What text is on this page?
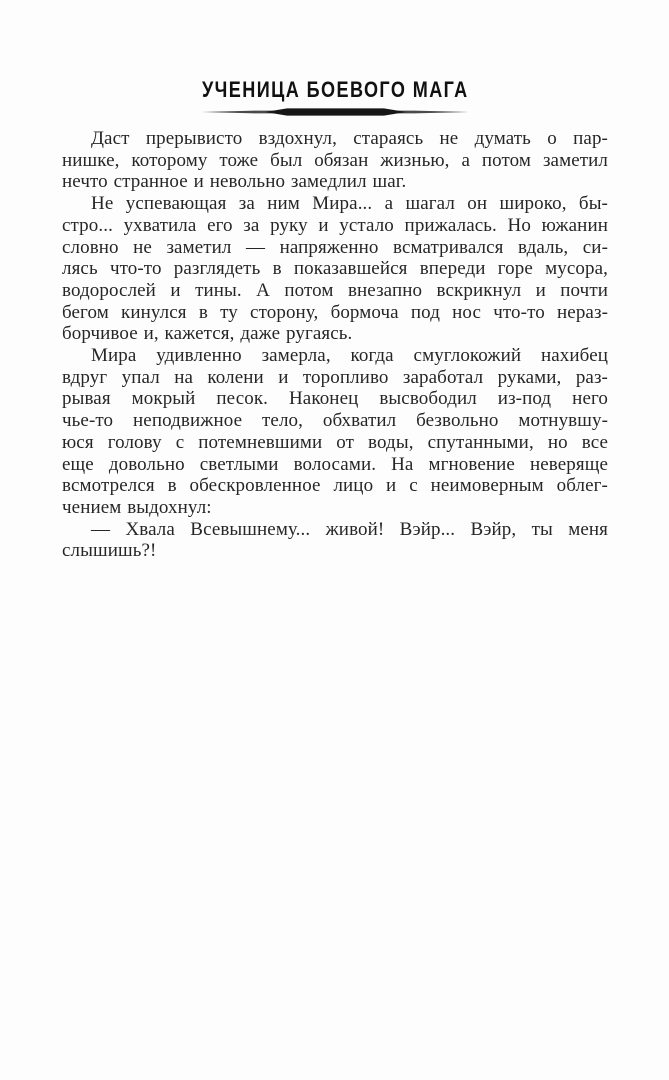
УЧЕНИЦА БОЕВОГО МАГА
Даст прерывисто вздохнул, стараясь не думать о пар-
нишке, которому тоже был обязан жизнью, а потом заметил
нечто странное и невольно замедлил шаг.
Не успевающая за ним Мира... а шагал он широко, бы-
стро... ухватила его за руку и устало прижалась. Но южанин
словно не заметил — напряженно всматривался вдаль, си-
лясь что-то разглядеть в показавшейся впереди горе мусора,
водорослей и тины. А потом внезапно вскрикнул и почти
бегом кинулся в ту сторону, бормоча под нос что-то нераз-
борчивое и, кажется, даже ругаясь.
Мира удивленно замерла, когда смуглокожий нахибец
вдруг упал на колени и торопливо заработал руками, раз-
рывая мокрый песок. Наконец высвободил из-под него
чье-то неподвижное тело, обхватил безвольно мотнувшу-
юся голову с потемневшими от воды, спутанными, но все
еще довольно светлыми волосами. На мгновение неверяще
всмотрелся в обескровленное лицо и с неимоверным облег-
чением выдохнул:
— Хвала Всевышнему... живой! Вэйр... Вэйр, ты меня
слышишь?!
